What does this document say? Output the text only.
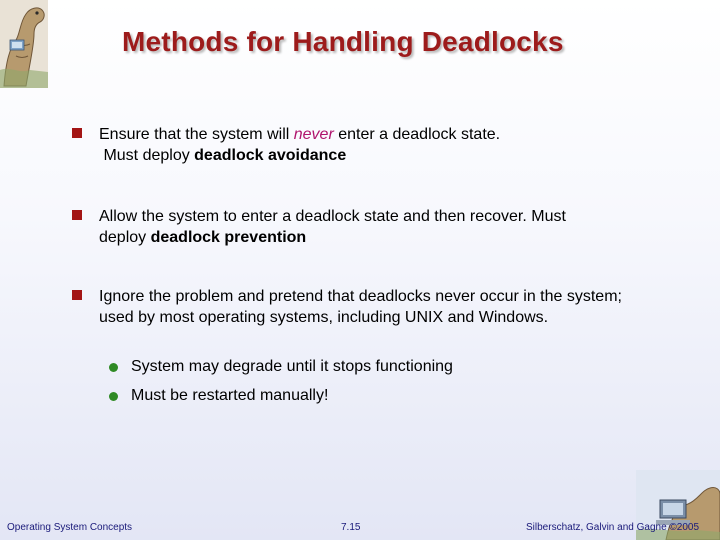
Methods for Handling Deadlocks
Ensure that the system will never enter a deadlock state.
Must deploy deadlock avoidance
Allow the system to enter a deadlock state and then recover. Must
deploy deadlock prevention
Ignore the problem and pretend that deadlocks never occur in the system; used by most operating systems, including UNIX and Windows.
System may degrade until it stops functioning
Must be restarted manually!
Operating System Concepts	7.15	Silberschatz, Galvin and Gagne ©2005
